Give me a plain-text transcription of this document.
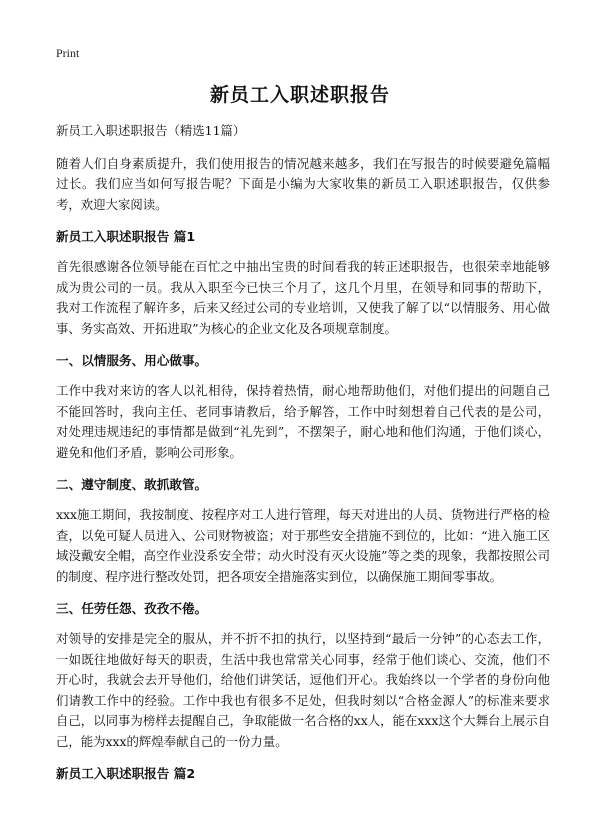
Print
新员工入职述职报告

新员工入职述职报告（精选11篇）

随着人们自身素质提升，我们使用报告的情况越来越多，我们在写报告的时候要避免篇幅过长。我们应当如何写报告呢？下面是小编为大家收集的新员工入职述职报告，仅供参考，欢迎大家阅读。

新员工入职述职报告 篇1

首先很感谢各位领导能在百忙之中抽出宝贵的时间看我的转正述职报告，也很荣幸地能够成为贵公司的一员。我从入职至今已快三个月了，这几个月里，在领导和同事的帮助下，我对工作流程了解许多，后来又经过公司的专业培训，又使我了解了以“以情服务、用心做事、务实高效、开拓进取”为核心的企业文化及各项规章制度。

一、以情服务、用心做事。

工作中我对来访的客人以礼相待，保持着热情，耐心地帮助他们，对他们提出的问题自己不能回答时，我向主任、老同事请教后，给予解答，工作中时刻想着自己代表的是公司，对处理违规违纪的事情都是做到“礼先到”，不摆架子，耐心地和他们沟通，于他们谈心，避免和他们矛盾，影响公司形象。

二、遵守制度、敢抓敢管。

xxx施工期间，我按制度、按程序对工人进行管理，每天对进出的人员、货物进行严格的检查，以免可疑人员进入、公司财物被盗；对于那些安全措施不到位的，比如：“进入施工区域没戴安全帽，高空作业没系安全带；动火时没有灭火设施”等之类的现象，我都按照公司的制度、程序进行整改处罚，把各项安全措施落实到位，以确保施工期间零事故。

三、任劳任怨、孜孜不倦。

对领导的安排是完全的服从，并不折不扣的执行，以坚持到“最后一分钟”的心态去工作，一如既往地做好每天的职责，生活中我也常常关心同事，经常于他们谈心、交流，他们不开心时，我就会去开导他们，给他们讲笑话，逗他们开心。我始终以一个学者的身份向他们请教工作中的经验。工作中我也有很多不足处，但我时刻以“合格金源人”的标准来要求自己，以同事为榜样去提醒自己，争取能做一名合格的xx人，能在xxx这个大舞台上展示自己，能为xxx的辉煌奉献自己的一份力量。

新员工入职述职报告 篇2
